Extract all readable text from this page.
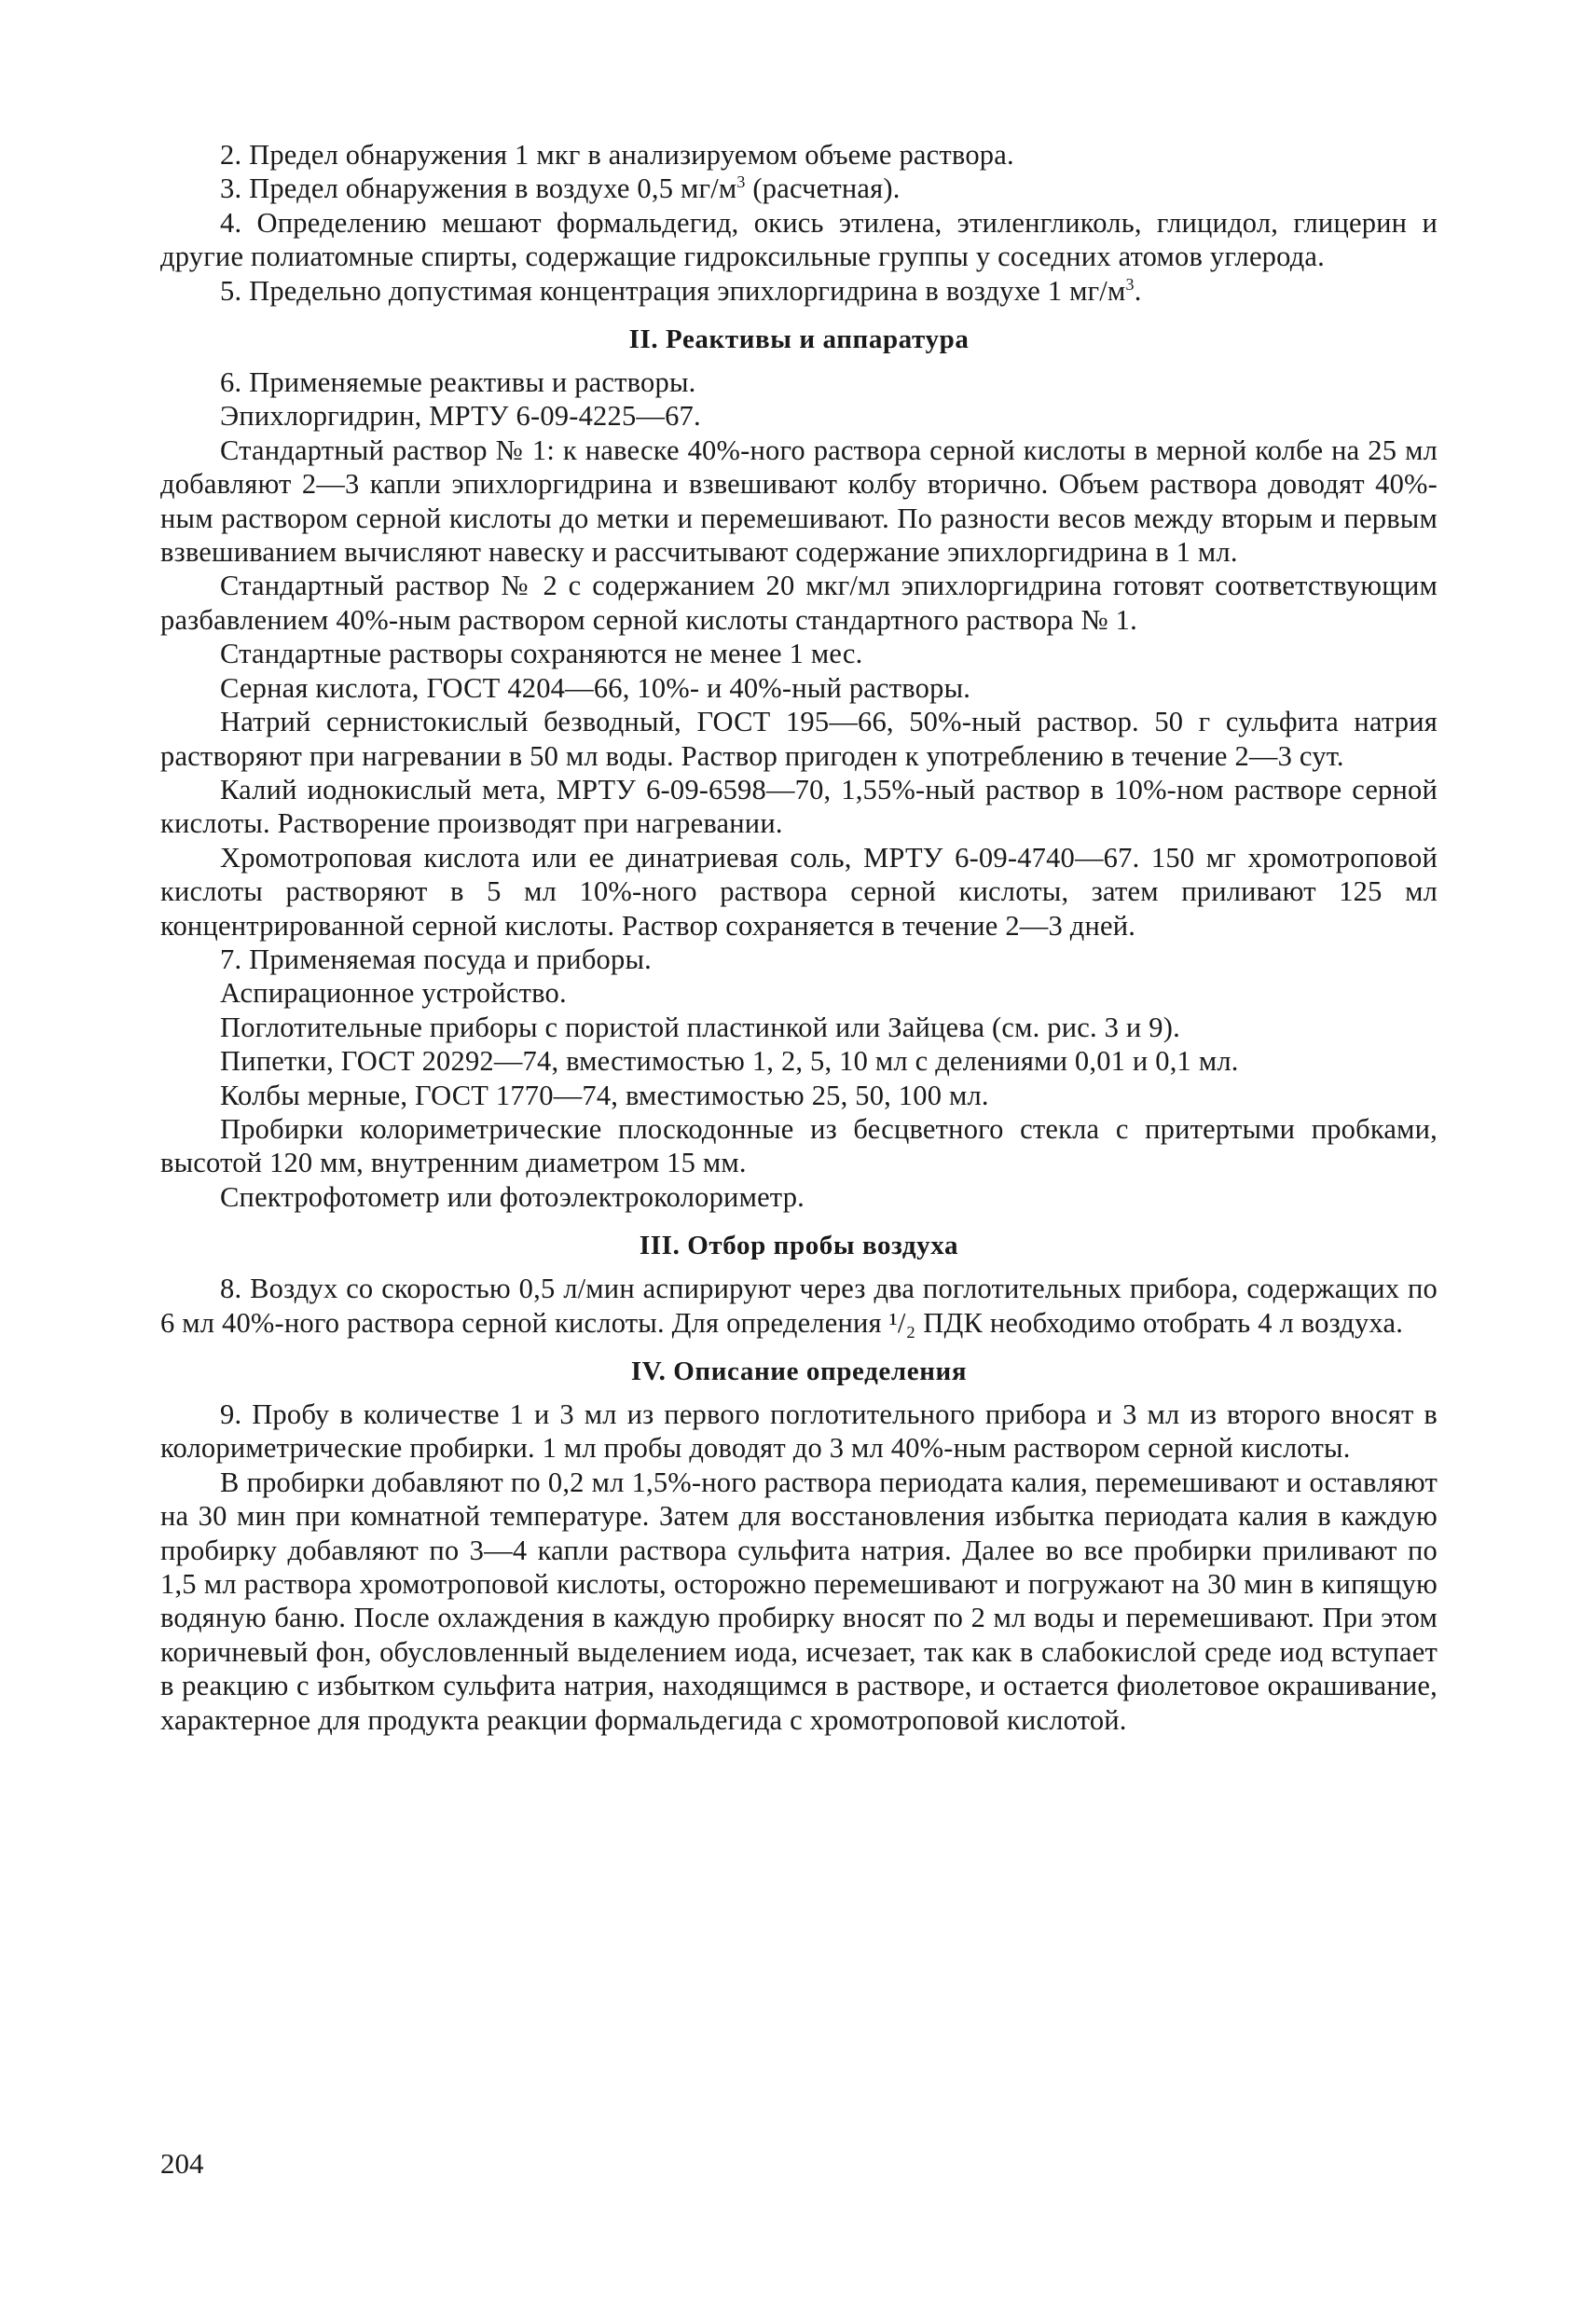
2. Предел обнаружения 1 мкг в анализируемом объеме раствора.

3. Предел обнаружения в воздухе 0,5 $мг/м^3$ (расчетная).

4. Определению мешают формальдегид, окись этилена, этиленгликоль, глицидол, глицерин и другие полиатомные спирты, содержащие гидроксильные группы у соседних атомов углерода.

5. Предельно допустимая концентрация эпихлоргидрина в воздухе 1 $мг/м^3$.

II. Реактивы и аппаратура

6. Применяемые реактивы и растворы.

Эпихлоргидрин, МРТУ 6-09-4225—67.

Стандартный раствор № 1: к навеске 40%-ного раствора серной кислоты в мерной колбе на 25 мл добавляют 2—3 капли эпихлоргидрина и взвешивают колбу вторично. Объем раствора доводят 40%-ным раствором серной кислоты до метки и перемешивают. По разности весов между вторым и первым взвешиванием вычисляют навеску и рассчитывают содержание эпихлоргидрина в 1 мл.

Стандартный раствор № 2 с содержанием 20 мкг/мл эпихлоргидрина готовят соответствующим разбавлением 40%-ным раствором серной кислоты стандартного раствора № 1.

Стандартные растворы сохраняются не менее 1 мес.

Серная кислота, ГОСТ 4204—66, 10%- и 40%-ный растворы.

Натрий сернистокислый безводный, ГОСТ 195—66, 50%-ный раствор. 50 г сульфита натрия растворяют при нагревании в 50 мл воды. Раствор пригоден к употреблению в течение 2—3 сут.

Калий иоднокислый мета, МРТУ 6-09-6598—70, 1,55%-ный раствор в 10%-ном растворе серной кислоты. Растворение производят при нагревании.

Хромотроповая кислота или ее динатриевая соль, МРТУ 6-09-4740—67. 150 мг хромотроповой кислоты растворяют в 5 мл 10%-ного раствора серной кислоты, затем приливают 125 мл концентрированной серной кислоты. Раствор сохраняется в течение 2—3 дней.

7. Применяемая посуда и приборы.

Аспирационное устройство.

Поглотительные приборы с пористой пластинкой или Зайцева (см. рис. 3 и 9).

Пипетки, ГОСТ 20292—74, вместимостью 1, 2, 5, 10 мл с делениями 0,01 и 0,1 мл.

Колбы мерные, ГОСТ 1770—74, вместимостью 25, 50, 100 мл.

Пробирки колориметрические плоскодонные из бесцветного стекла с притертыми пробками, высотой 120 мм, внутренним диаметром 15 мм.

Спектрофотометр или фотоэлектроколориметр.

III. Отбор пробы воздуха

8. Воздух со скоростью 0,5 л/мин аспирируют через два поглотительных прибора, содержащих по 6 мл 40%-ного раствора серной кислоты. Для определения ¹/₂ ПДК необходимо отобрать 4 л воздуха.

IV. Описание определения

9. Пробу в количестве 1 и 3 мл из первого поглотительного прибора и 3 мл из второго вносят в колориметрические пробирки. 1 мл пробы доводят до 3 мл 40%-ным раствором серной кислоты.

В пробирки добавляют по 0,2 мл 1,5%-ного раствора периодата калия, перемешивают и оставляют на 30 мин при комнатной температуре. Затем для восстановления избытка периодата калия в каждую пробирку добавляют по 3—4 капли раствора сульфита натрия. Далее во все пробирки приливают по 1,5 мл раствора хромотроповой кислоты, осторожно перемешивают и погружают на 30 мин в кипящую водяную баню. После охлаждения в каждую пробирку вносят по 2 мл воды и перемешивают. При этом коричневый фон, обусловленный выделением иода, исчезает, так как в слабокислой среде иод вступает в реакцию с избытком сульфита натрия, находящимся в растворе, и остается фиолетовое окрашивание, характерное для продукта реакции формальдегида с хромотроповой кислотой.

204
